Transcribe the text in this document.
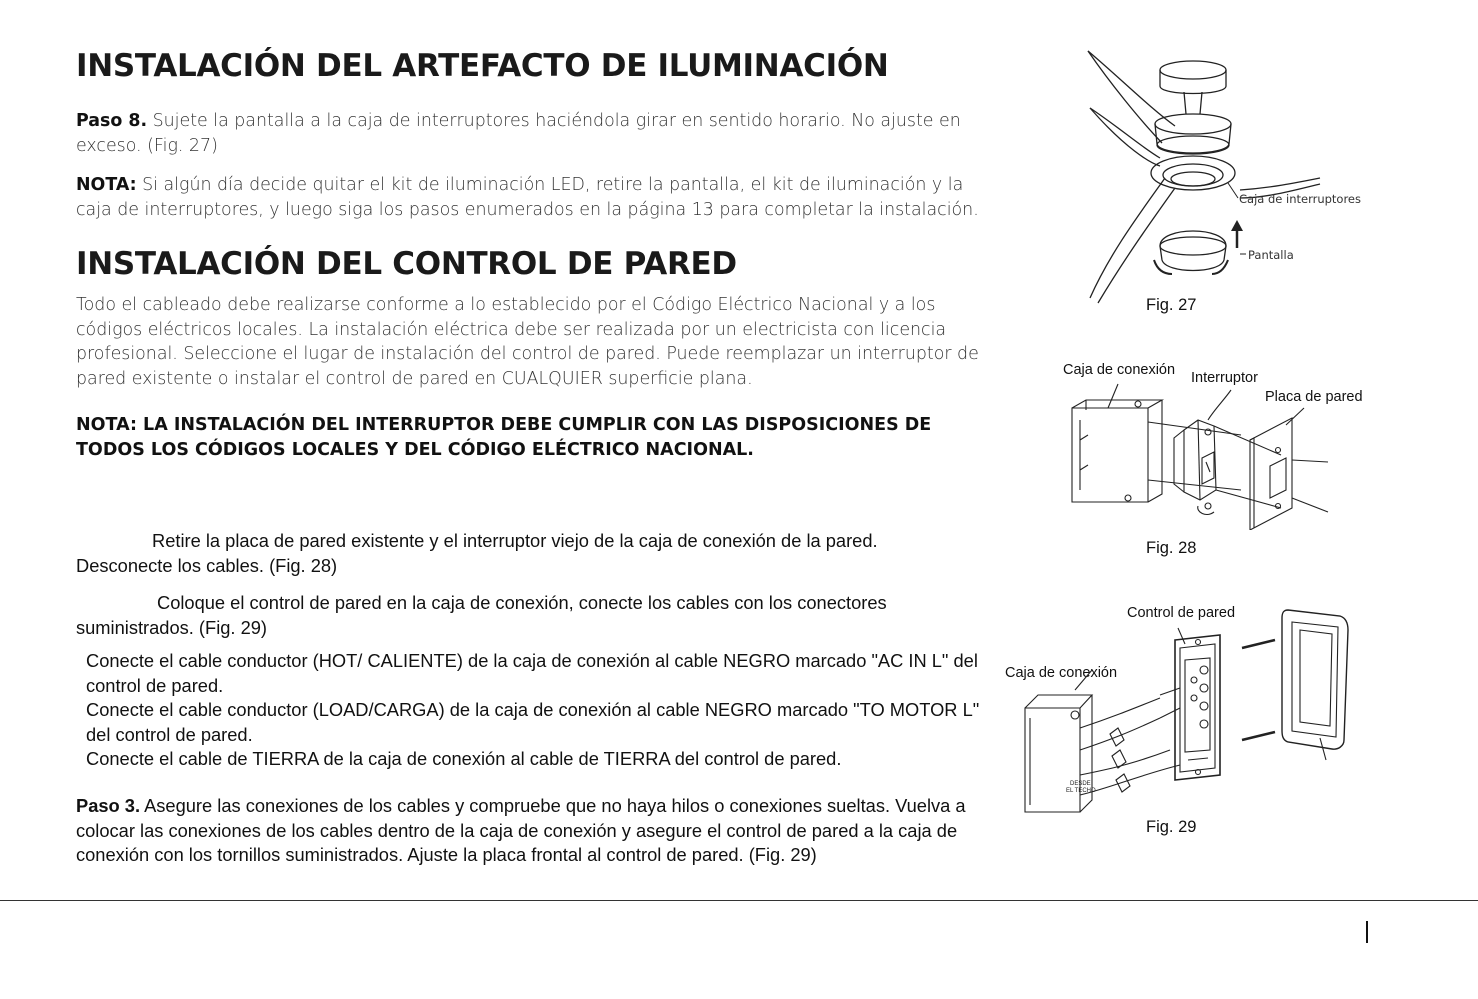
INSTALACIÓN DEL ARTEFACTO DE ILUMINACIÓN

Paso 8. Sujete la pantalla a la caja de interruptores haciéndola girar en sentido horario. No ajuste en exceso. (Fig. 27)

NOTA: Si algún día decide quitar el kit de iluminación LED, retire la pantalla, el kit de iluminación y la caja de interruptores, y luego siga los pasos enumerados en la página 13 para completar la instalación.

INSTALACIÓN DEL CONTROL DE PARED

Todo el cableado debe realizarse conforme a lo establecido por el Código Eléctrico Nacional y a los códigos eléctricos locales. La instalación eléctrica debe ser realizada por un electricista con licencia profesional. Seleccione el lugar de instalación del control de pared. Puede reemplazar un interruptor de pared existente o instalar el control de pared en CUALQUIER superficie plana.

NOTA: LA INSTALACIÓN DEL INTERRUPTOR DEBE CUMPLIR CON LAS DISPOSICIONES DE TODOS LOS CÓDIGOS LOCALES Y DEL CÓDIGO ELÉCTRICO NACIONAL.

Retire la placa de pared existente y el interruptor viejo de la caja de conexión de la pared. Desconecte los cables. (Fig. 28)

Coloque el control de pared en la caja de conexión, conecte los cables con los conectores suministrados. (Fig. 29)

Conecte el cable conductor (HOT/ CALIENTE) de la caja de conexión al cable NEGRO marcado "AC IN L" del control de pared.
Conecte el cable conductor (LOAD/CARGA) de la caja de conexión al cable NEGRO marcado "TO MOTOR L" del control de pared.
Conecte el cable de TIERRA de la caja de conexión al cable de TIERRA del control de pared.

Paso 3. Asegure las conexiones de los cables y compruebe que no haya hilos o conexiones sueltas. Vuelva a colocar las conexiones de los cables dentro de la caja de conexión y asegure el control de pared a la caja de conexión con los tornillos suministrados. Ajuste la placa frontal al control de pared. (Fig. 29)

Caja de interruptores
Pantalla
Fig. 27
Caja de conexión Interruptor
Placa de pared
Fig. 28
Control de pared
Caja de conexión
DESDE
EL TECHO
Fig. 29
